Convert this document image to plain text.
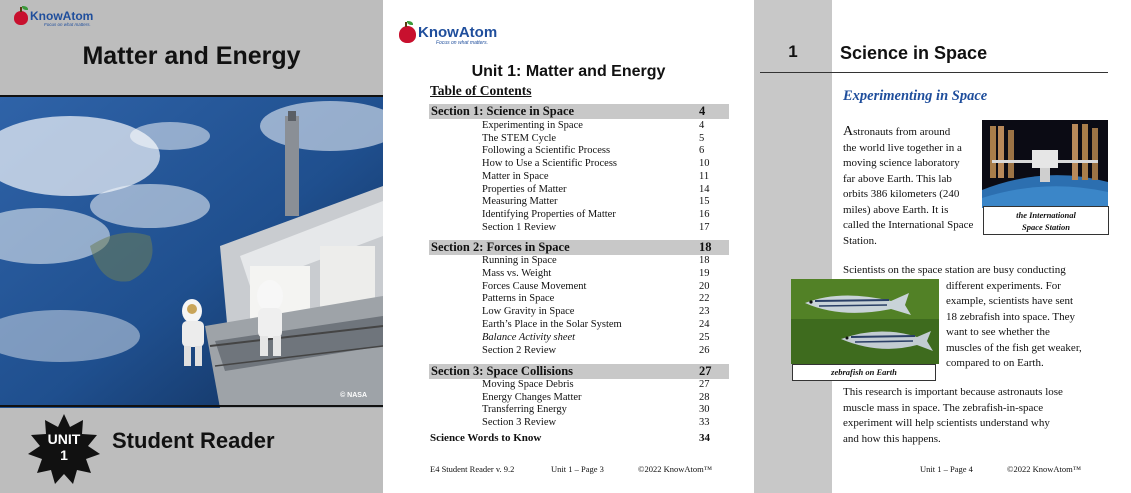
KnowAtom
Focus on what matters.
Matter and Energy
© NASA
UNIT
1
Student Reader
KnowAtom
Focus on what matters.
Unit 1: Matter and Energy
Table of Contents
Section 1: Science in Space	4
Experimenting in Space	4
The STEM Cycle	5
Following a Scientific Process	6
How to Use a Scientific Process	10
Matter in Space	11
Properties of Matter	14
Measuring Matter	15
Identifying Properties of Matter	16
Section 1 Review	17
Section 2: Forces in Space	18
Running in Space	18
Mass vs. Weight	19
Forces Cause Movement	20
Patterns in Space	22
Low Gravity in Space	23
Earth’s Place in the Solar System	24
Balance Activity sheet	25
Section 2 Review	26
Section 3: Space Collisions	27
Moving Space Debris	27
Energy Changes Matter	28
Transferring Energy	30
Section 3 Review	33
Science Words to Know	34
E4 Student Reader v. 9.2	Unit 1 – Page 3	©2022 KnowAtom™
1	Science in Space
Experimenting in Space
Astronauts from around
the world live together in a
moving science laboratory
far above Earth. This lab
orbits 386 kilometers (240
miles) above Earth. It is
called the International Space
Station.
the International
Space Station
Scientists on the space station are busy conducting
different experiments. For
example, scientists have sent
18 zebrafish into space. They
want to see whether the
muscles of the fish get weaker,
compared to on Earth.
zebrafish on Earth
This research is important because astronauts lose
muscle mass in space. The zebrafish-in-space
experiment will help scientists understand why
and how this happens.
Unit 1 – Page 4	©2022 KnowAtom™
